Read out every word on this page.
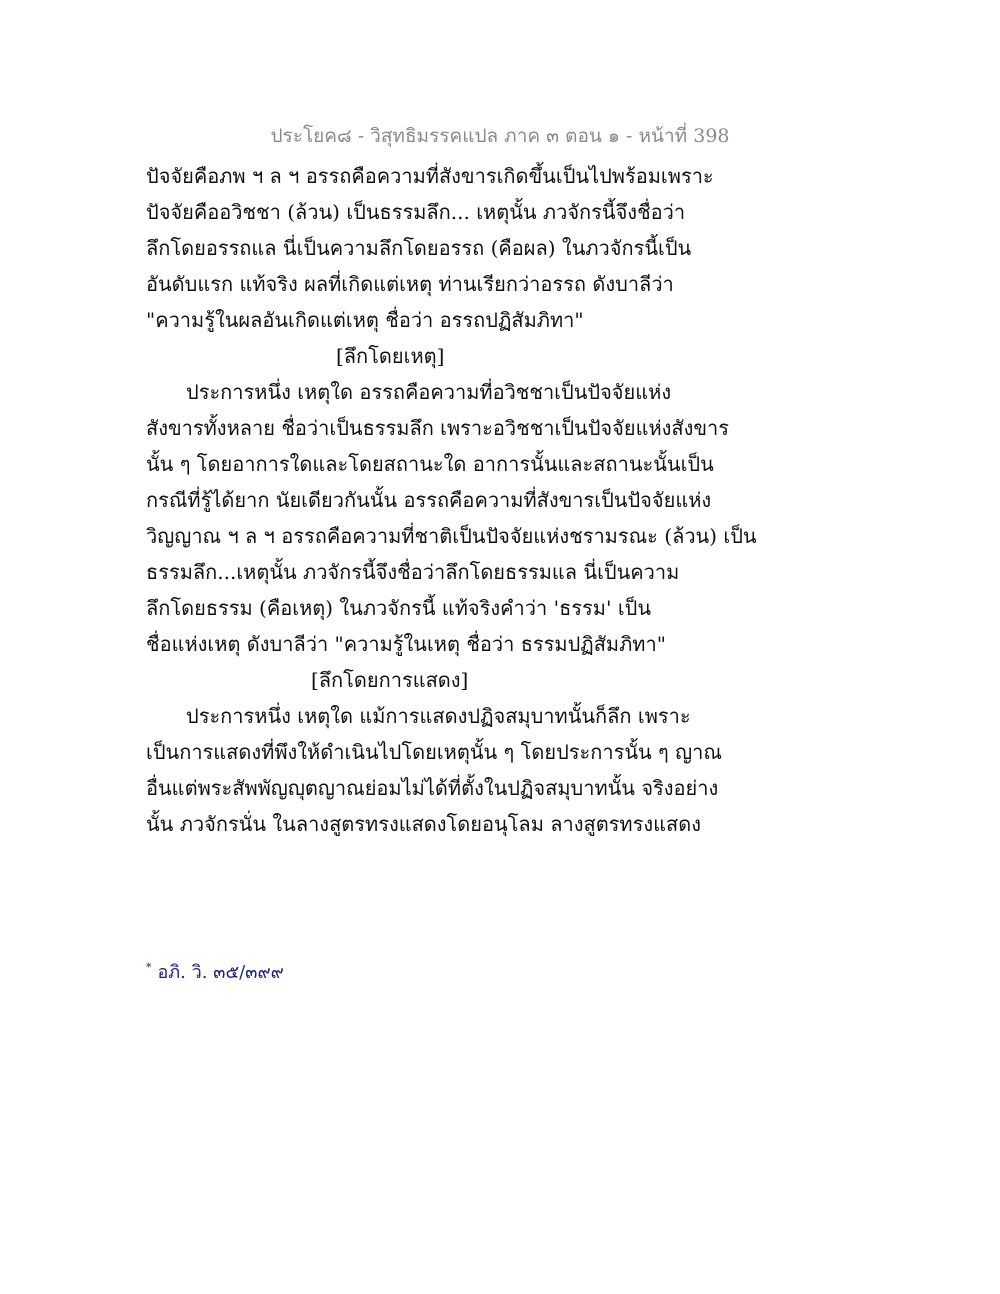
ประโยค๘ - วิสุทธิมรรคแปล ภาค ๓ ตอน ๑ - หน้าที่ 398
ปัจจัยคือภพ ฯ ล ฯ อรรถคือความที่สังขารเกิดขึ้นเป็นไปพร้อมเพราะ
ปัจจัยคืออวิชชา (ล้วน) เป็นธรรมลึก... เหตุนั้น ภวจักรนี้จึงชื่อว่า
ลึกโดยอรรถแล นี่เป็นความลึกโดยอรรถ (คือผล) ในภวจักรนี้เป็น
อันดับแรก แท้จริง ผลที่เกิดแต่เหตุ ท่านเรียกว่าอรรถ ดังบาลีว่า
"ความรู้ในผลอันเกิดแต่เหตุ ชื่อว่า อรรถปฏิสัมภิทา"
[ลึกโดยเหตุ]
ประการหนึ่ง เหตุใด อรรถคือความที่อวิชชาเป็นปัจจัยแห่ง
สังขารทั้งหลาย ชื่อว่าเป็นธรรมลึก เพราะอวิชชาเป็นปัจจัยแห่งสังขาร
นั้น ๆ โดยอาการใดและโดยสถานะใด อาการนั้นและสถานะนั้นเป็น
กรณีที่รู้ได้ยาก นัยเดียวกันนั้น อรรถคือความที่สังขารเป็นปัจจัยแห่ง
วิญญาณ ฯ ล ฯ อรรถคือความที่ชาติเป็นปัจจัยแห่งชรามรณะ (ล้วน) เป็น
ธรรมลึก...เหตุนั้น ภวจักรนี้จึงชื่อว่าลึกโดยธรรมแล นี่เป็นความ
ลึกโดยธรรม (คือเหตุ) ในภวจักรนี้ แท้จริงคำว่า 'ธรรม' เป็น
ชื่อแห่งเหตุ ดังบาลีว่า "ความรู้ในเหตุ ชื่อว่า ธรรมปฏิสัมภิทา"
[ลึกโดยการแสดง]
ประการหนึ่ง เหตุใด แม้การแสดงปฏิจสมุบาทนั้นก็ลึก เพราะ
เป็นการแสดงที่พึงให้ดำเนินไปโดยเหตุนั้น ๆ โดยประการนั้น ๆ ญาณ
อื่นแต่พระสัพพัญญุตญาณย่อมไม่ได้ที่ตั้งในปฏิจสมุบาทนั้น จริงอย่าง
นั้น ภวจักรนั่น ในลางสูตรทรงแสดงโดยอนุโลม ลางสูตรทรงแสดง
* อภิ. วิ. ๓๕/๓๙๙
